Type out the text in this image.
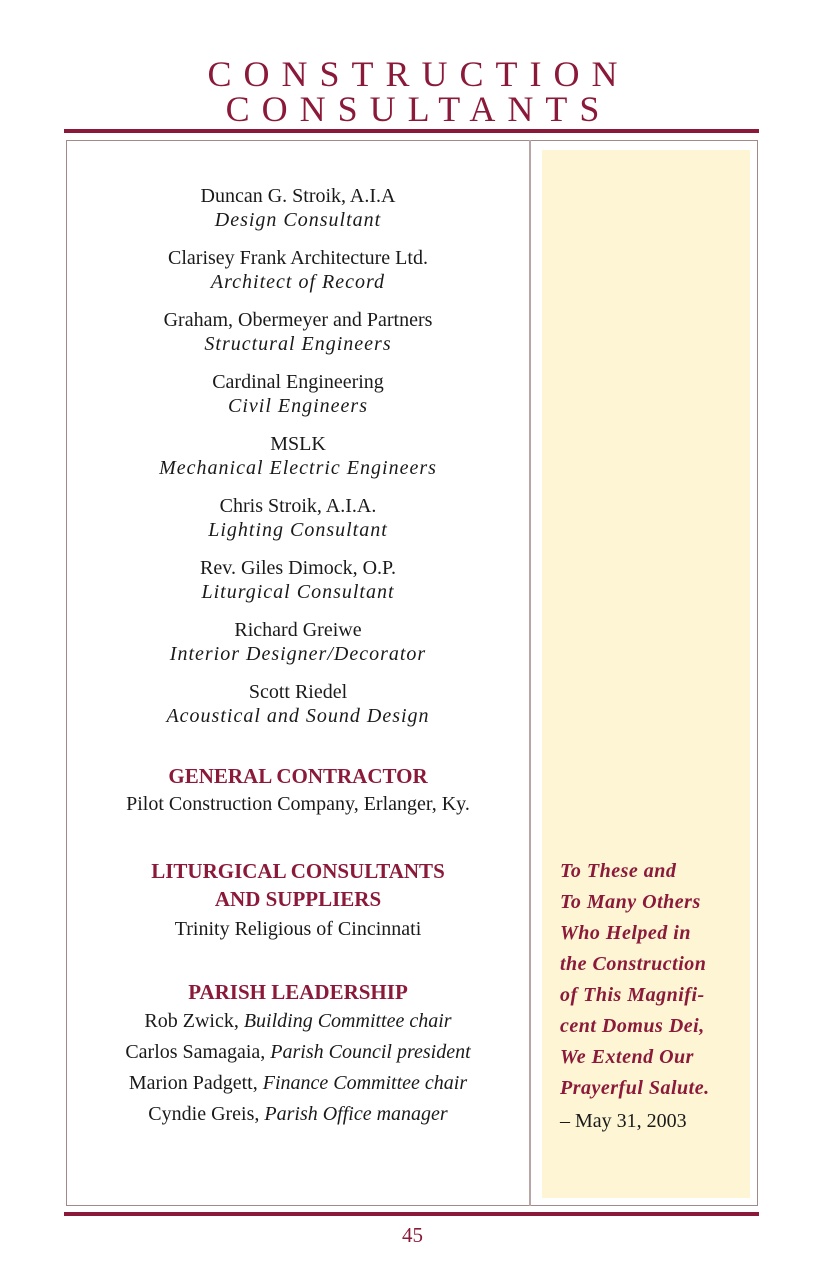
CONSTRUCTION
CONSULTANTS
Duncan G. Stroik, A.I.A
Design Consultant
Clarisey Frank Architecture Ltd.
Architect of Record
Graham, Obermeyer and Partners
Structural Engineers
Cardinal Engineering
Civil Engineers
MSLK
Mechanical Electric Engineers
Chris Stroik, A.I.A.
Lighting Consultant
Rev. Giles Dimock, O.P.
Liturgical Consultant
Richard Greiwe
Interior Designer/Decorator
Scott Riedel
Acoustical and Sound Design
GENERAL CONTRACTOR
Pilot Construction Company, Erlanger, Ky.
LITURGICAL CONSULTANTS
AND SUPPLIERS
Trinity Religious of Cincinnati
PARISH LEADERSHIP
Rob Zwick, Building Committee chair
Carlos Samagaia, Parish Council president
Marion Padgett, Finance Committee chair
Cyndie Greis, Parish Office manager
To These and
To Many Others
Who Helped in
the Construction
of This Magnifi-
cent Domus Dei,
We Extend Our
Prayerful Salute.
– May 31, 2003
45
